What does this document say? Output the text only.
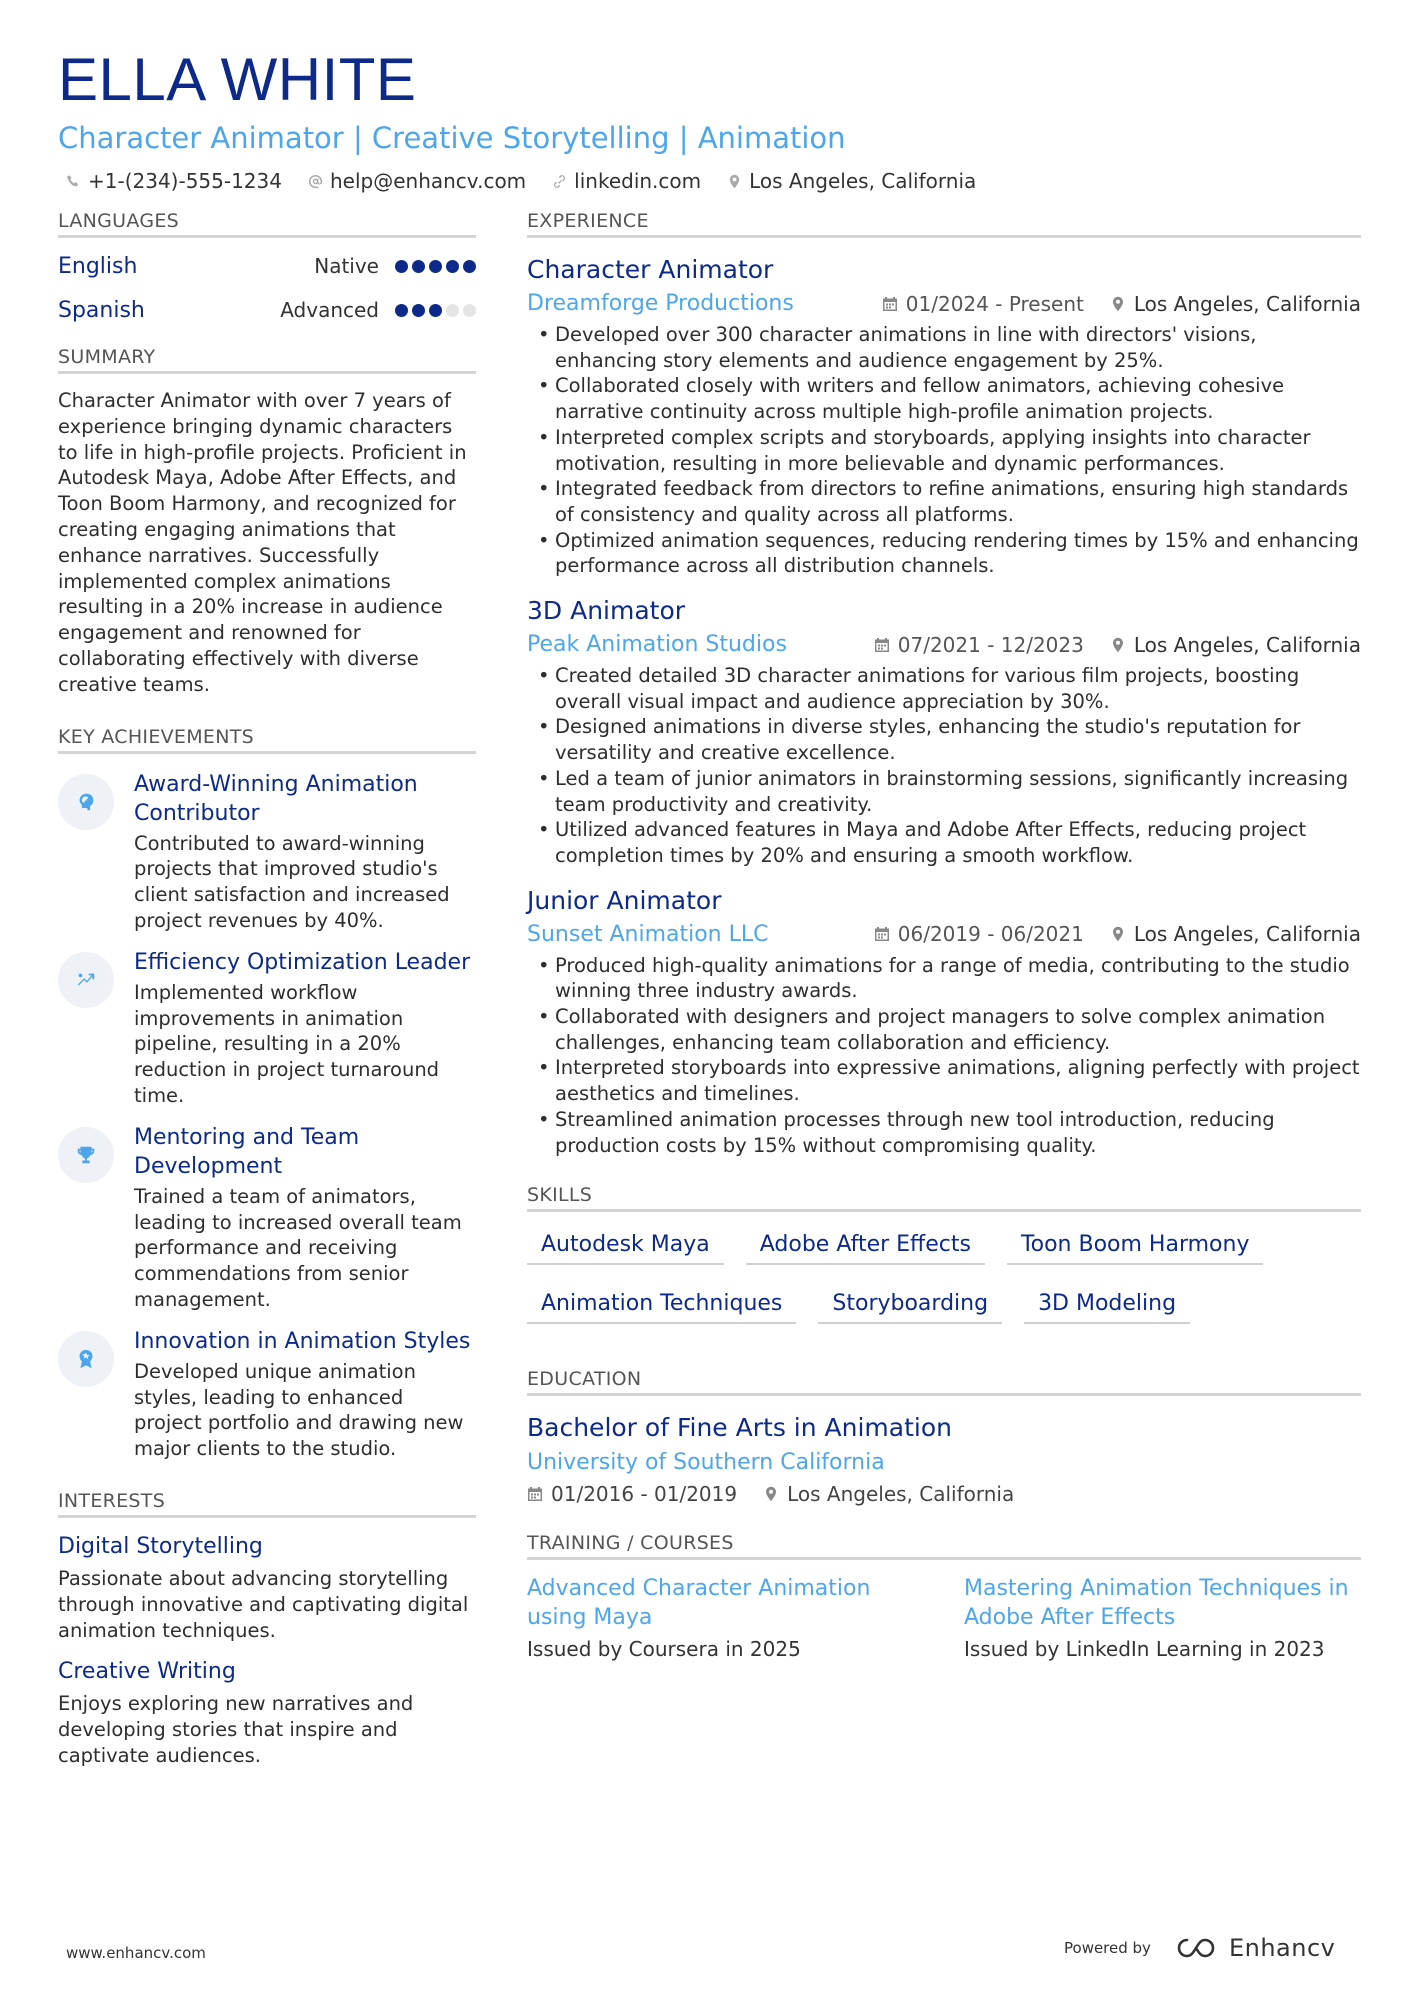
ELLA WHITE
Character Animator | Creative Storytelling | Animation
+1-(234)-555-1234 help@enhancv.com linkedin.com Los Angeles, California
LANGUAGES
English	Native
Spanish	Advanced
SUMMARY
Character Animator with over 7 years of experience bringing dynamic characters to life in high-profile projects. Proficient in Autodesk Maya, Adobe After Effects, and Toon Boom Harmony, and recognized for creating engaging animations that enhance narratives. Successfully implemented complex animations resulting in a 20% increase in audience engagement and renowned for collaborating effectively with diverse creative teams.
KEY ACHIEVEMENTS
Award-Winning Animation Contributor
Contributed to award-winning projects that improved studio's client satisfaction and increased project revenues by 40%.
Efficiency Optimization Leader
Implemented workflow improvements in animation pipeline, resulting in a 20% reduction in project turnaround time.
Mentoring and Team Development
Trained a team of animators, leading to increased overall team performance and receiving commendations from senior management.
Innovation in Animation Styles
Developed unique animation styles, leading to enhanced project portfolio and drawing new major clients to the studio.
INTERESTS
Digital Storytelling
Passionate about advancing storytelling through innovative and captivating digital animation techniques.
Creative Writing
Enjoys exploring new narratives and developing stories that inspire and captivate audiences.
EXPERIENCE
Character Animator
Dreamforge Productions	01/2024 - Present	Los Angeles, California
• Developed over 300 character animations in line with directors' visions, enhancing story elements and audience engagement by 25%.
• Collaborated closely with writers and fellow animators, achieving cohesive narrative continuity across multiple high-profile animation projects.
• Interpreted complex scripts and storyboards, applying insights into character motivation, resulting in more believable and dynamic performances.
• Integrated feedback from directors to refine animations, ensuring high standards of consistency and quality across all platforms.
• Optimized animation sequences, reducing rendering times by 15% and enhancing performance across all distribution channels.
3D Animator
Peak Animation Studios	07/2021 - 12/2023	Los Angeles, California
• Created detailed 3D character animations for various film projects, boosting overall visual impact and audience appreciation by 30%.
• Designed animations in diverse styles, enhancing the studio's reputation for versatility and creative excellence.
• Led a team of junior animators in brainstorming sessions, significantly increasing team productivity and creativity.
• Utilized advanced features in Maya and Adobe After Effects, reducing project completion times by 20% and ensuring a smooth workflow.
Junior Animator
Sunset Animation LLC	06/2019 - 06/2021	Los Angeles, California
• Produced high-quality animations for a range of media, contributing to the studio winning three industry awards.
• Collaborated with designers and project managers to solve complex animation challenges, enhancing team collaboration and efficiency.
• Interpreted storyboards into expressive animations, aligning perfectly with project aesthetics and timelines.
• Streamlined animation processes through new tool introduction, reducing production costs by 15% without compromising quality.
SKILLS
Autodesk Maya	Adobe After Effects	Toon Boom Harmony
Animation Techniques	Storyboarding	3D Modeling
EDUCATION
Bachelor of Fine Arts in Animation
University of Southern California
01/2016 - 01/2019	Los Angeles, California
TRAINING / COURSES
Advanced Character Animation using Maya
Issued by Coursera in 2025
Mastering Animation Techniques in Adobe After Effects
Issued by LinkedIn Learning in 2023
www.enhancv.com	Powered by	Enhancv
